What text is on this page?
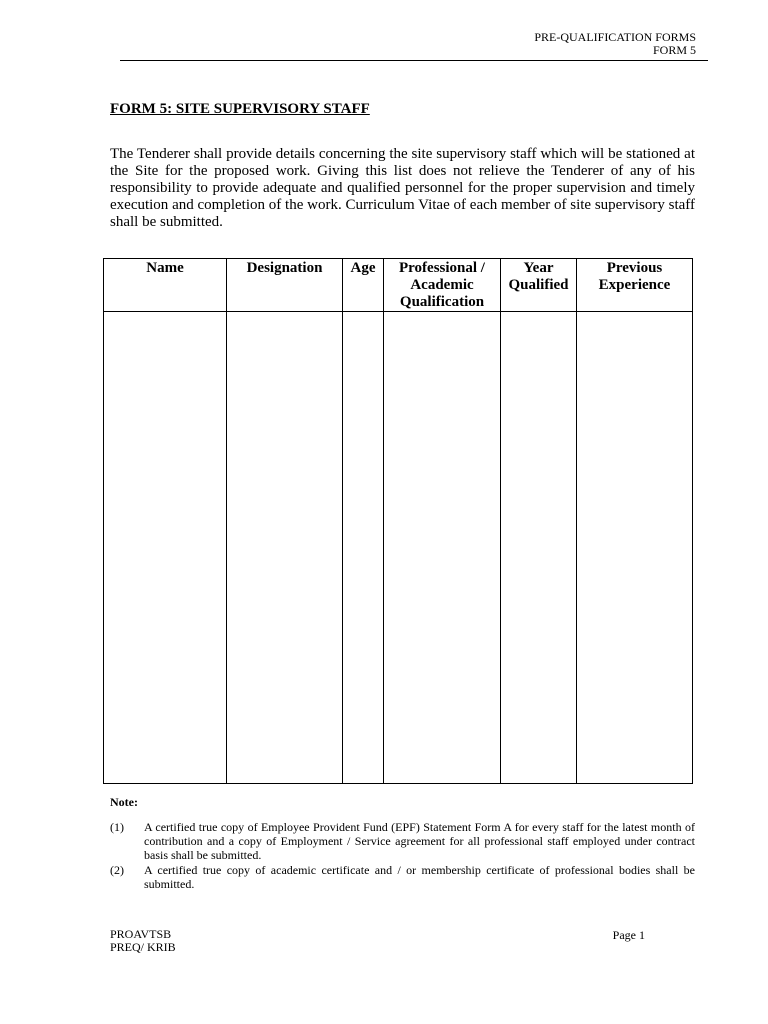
PRE-QUALIFICATION FORMS
FORM 5
FORM 5: SITE SUPERVISORY STAFF

The Tenderer shall provide details concerning the site supervisory staff which will be stationed at the Site for the proposed work. Giving this list does not relieve the Tenderer of any of his responsibility to provide adequate and qualified personnel for the proper supervision and timely execution and completion of the work. Curriculum Vitae of each member of site supervisory staff shall be submitted.

Name	Designation	Age	Professional / Academic Qualification	Year Qualified	Previous Experience

Note:
(1)	A certified true copy of Employee Provident Fund (EPF) Statement Form A for every staff for the latest month of contribution and a copy of Employment / Service agreement for all professional staff employed under contract basis shall be submitted.
(2)	A certified true copy of academic certificate and / or membership certificate of professional bodies shall be submitted.
PROAVTSB
PREQ/ KRIB
Page 1
